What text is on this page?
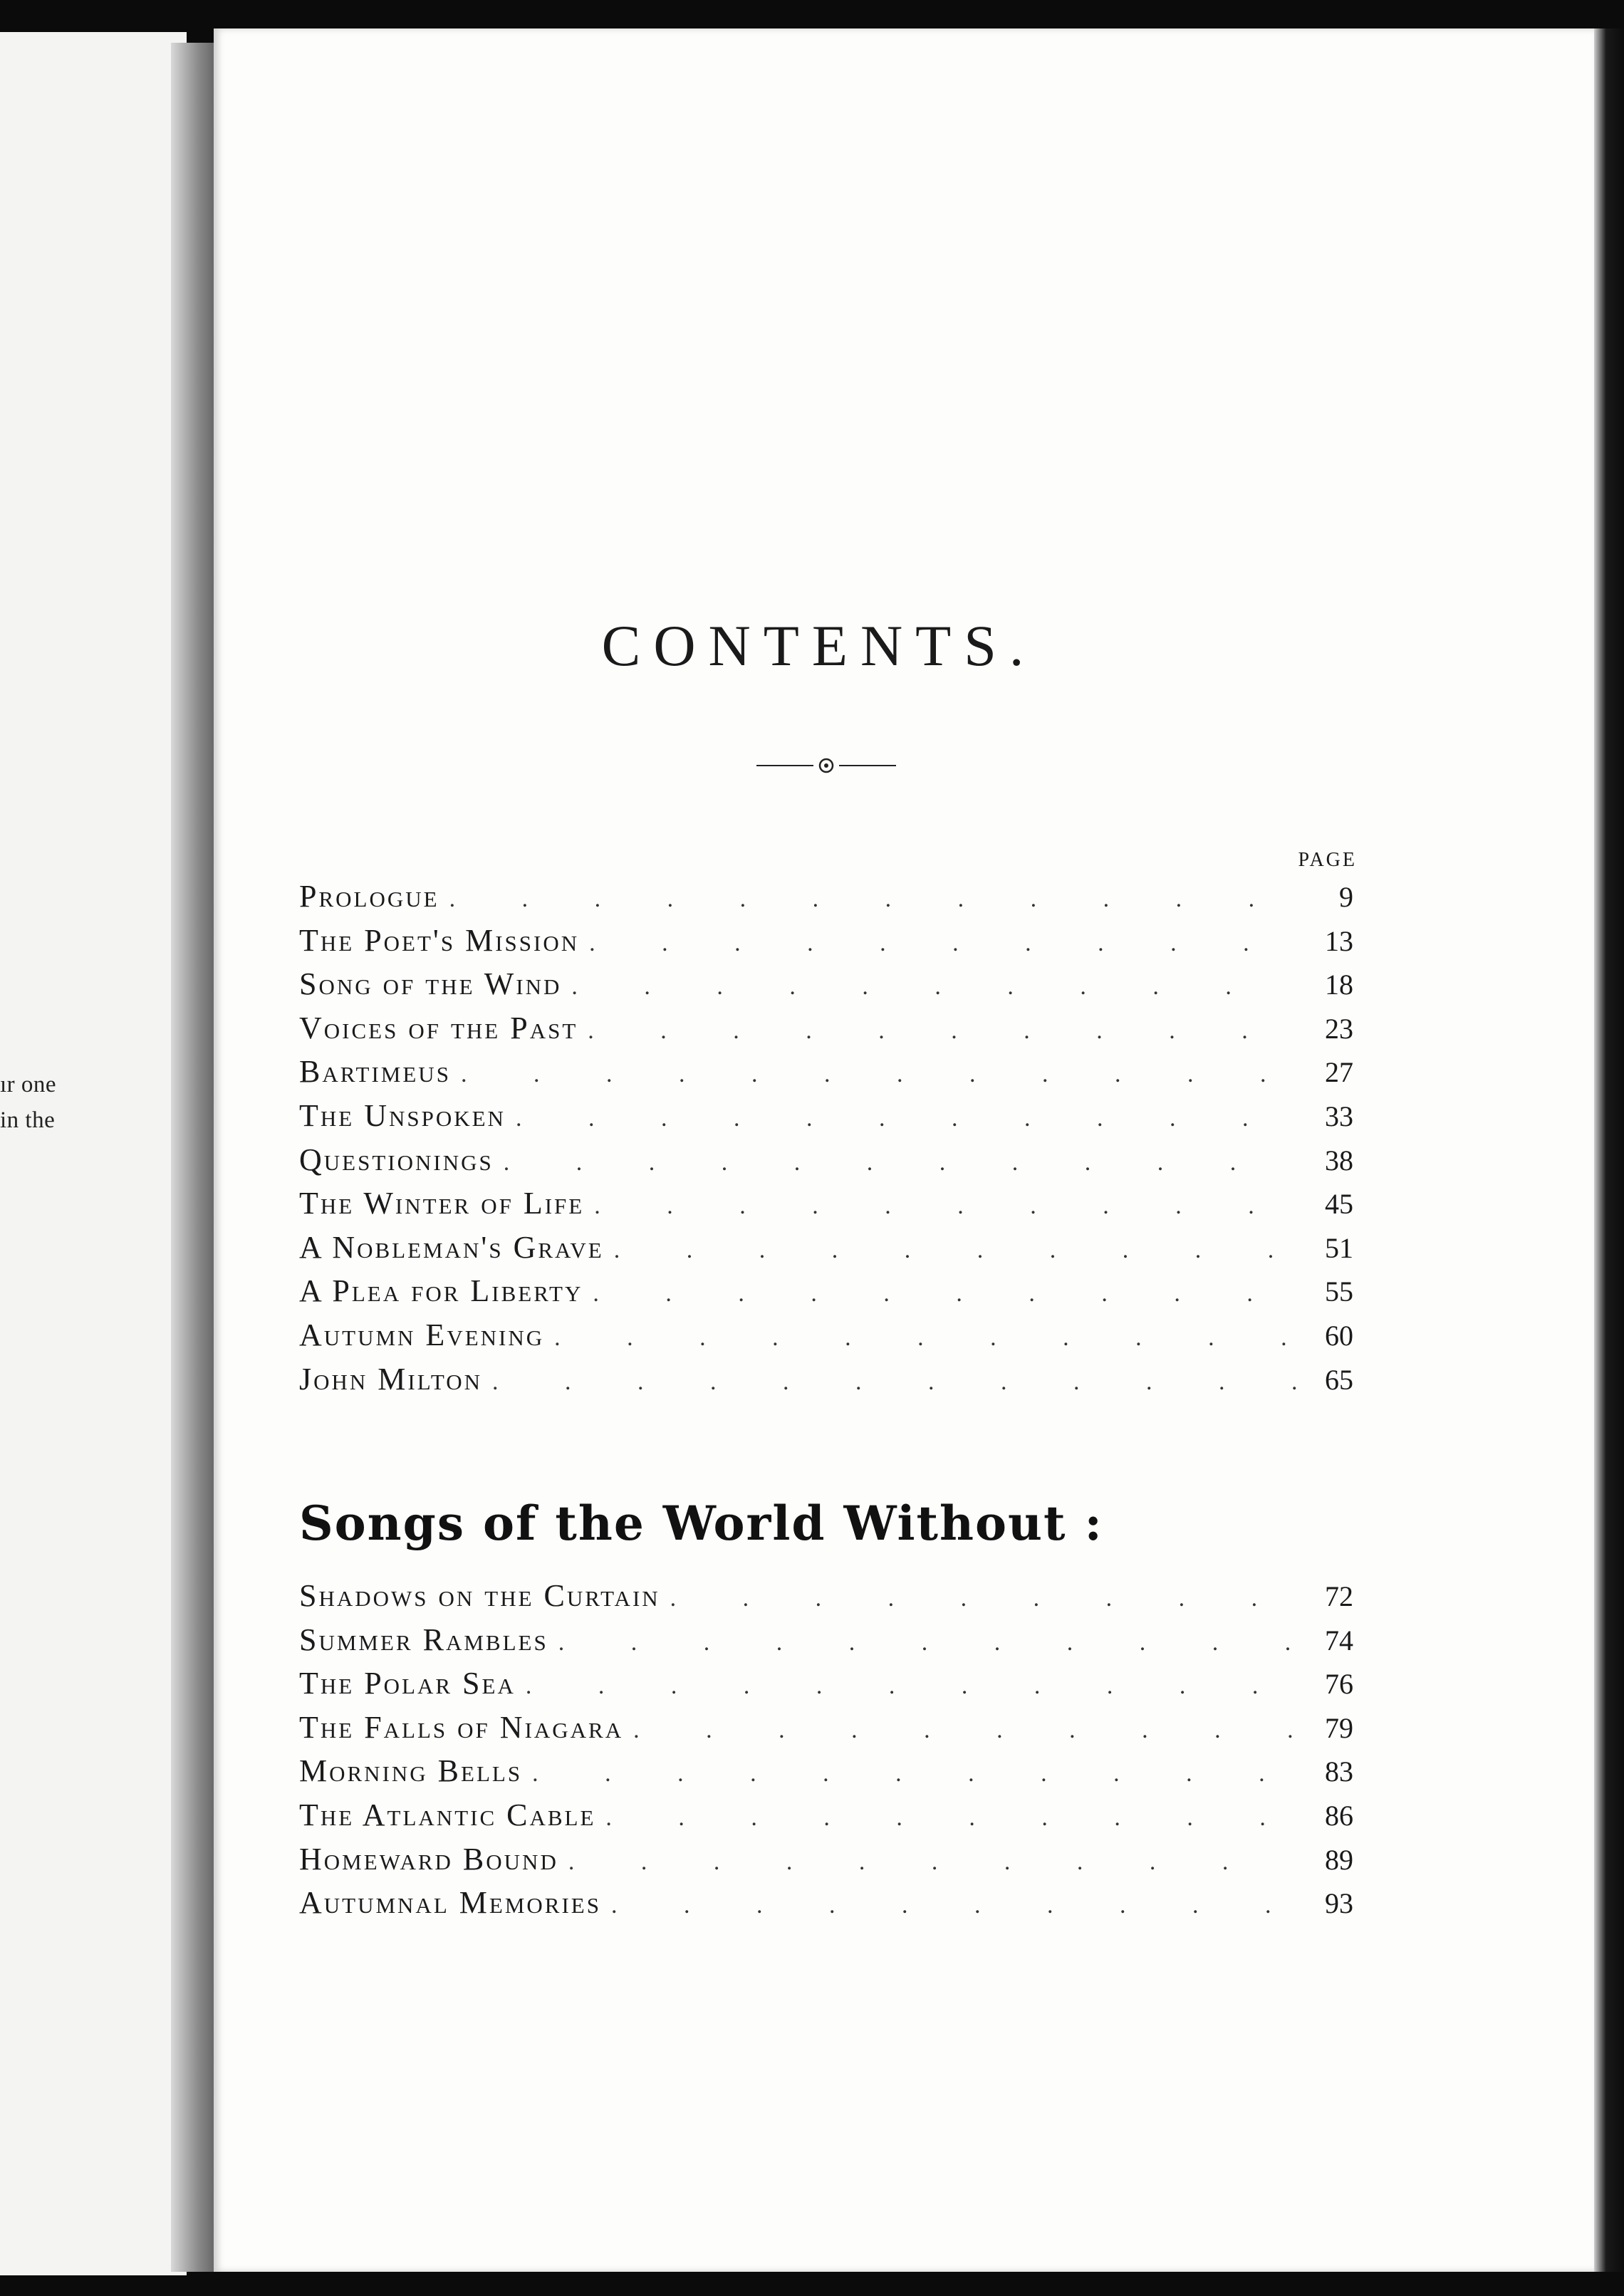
ır one
in the
CONTENTS.
PAGE
Prologue .	9
The Poet's Mission .	13
Song of the Wind .	18
Voices of the Past .	23
Bartimeus .	27
The Unspoken .	33
Questionings .	38
The Winter of Life .	45
A Nobleman's Grave .	51
A Plea for Liberty .	55
Autumn Evening .	60
John Milton .	65
Songs of the World Without :
Shadows on the Curtain .	72
Summer Rambles .	74
The Polar Sea .	76
The Falls of Niagara .	79
Morning Bells .	83
The Atlantic Cable .	86
Homeward Bound .	89
Autumnal Memories .	93
